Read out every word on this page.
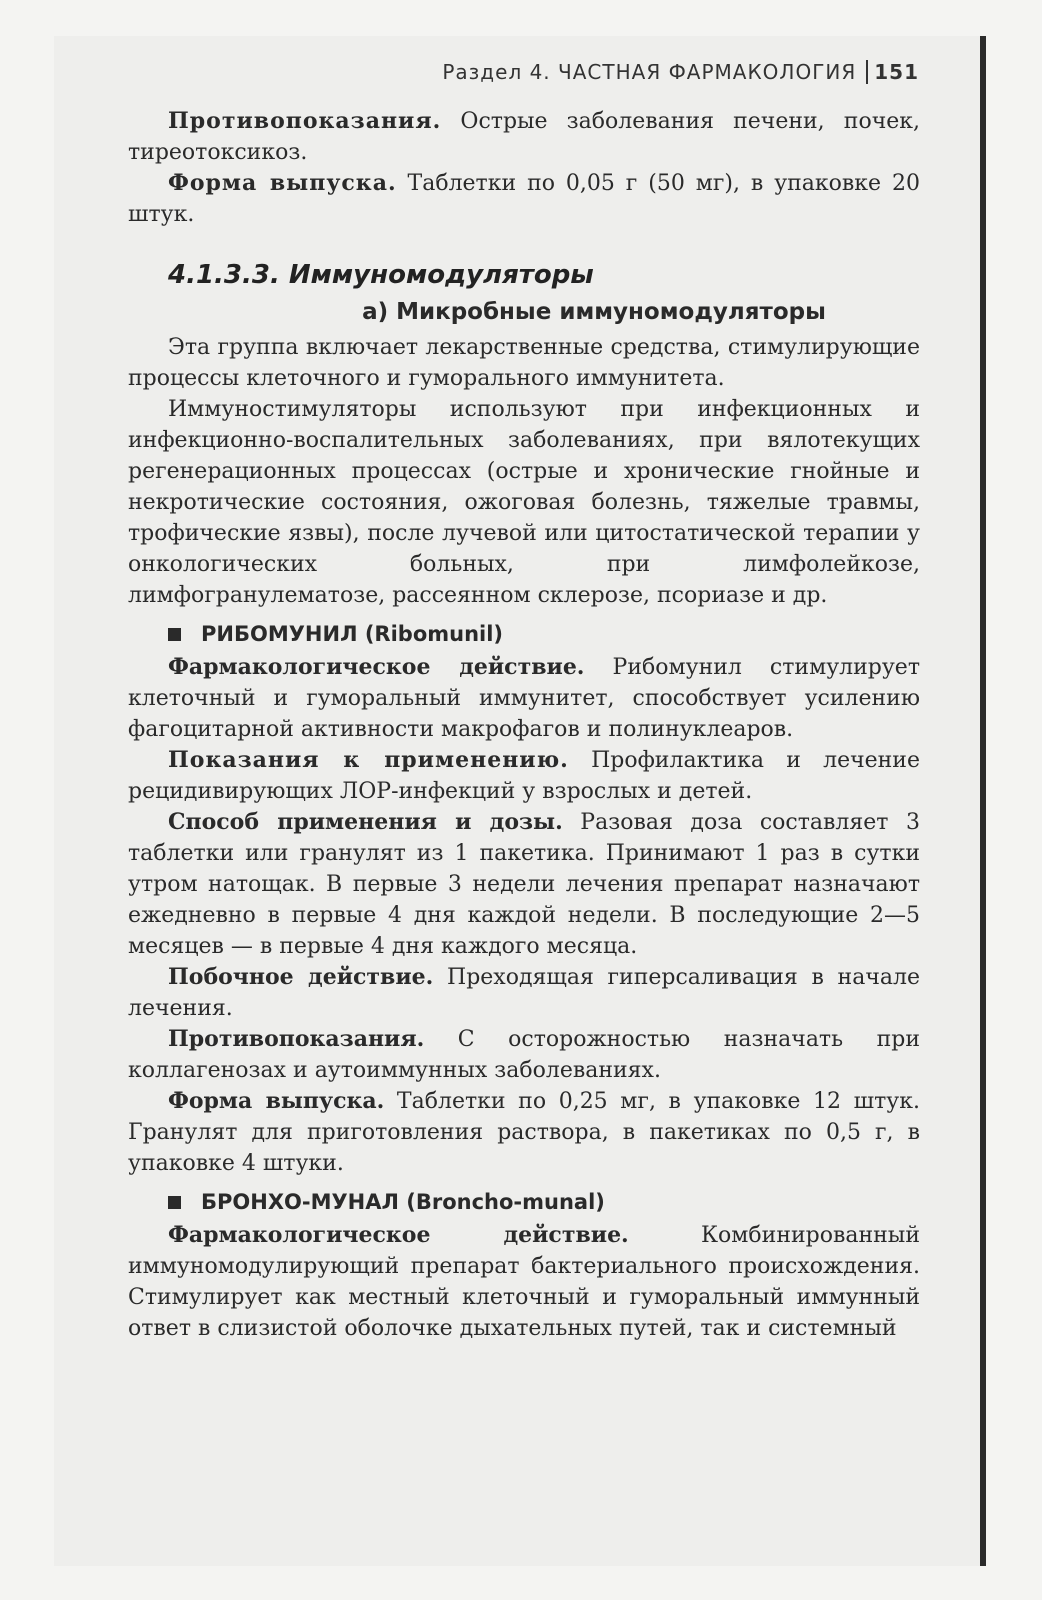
Раздел 4. ЧАСТНАЯ ФАРМАКОЛОГИЯ 151

Противопоказания. Острые заболевания печени, почек, тиреотоксикоз.

Форма выпуска. Таблетки по 0,05 г (50 мг), в упаковке 20 штук.

4.1.3.3. Иммуномодуляторы
а) Микробные иммуномодуляторы

Эта группа включает лекарственные средства, стимулирующие процессы клеточного и гуморального иммунитета.

Иммуностимуляторы используют при инфекционных и инфекционно-воспалительных заболеваниях, при вялотекущих регенерационных процессах (острые и хронические гнойные и некротические состояния, ожоговая болезнь, тяжелые травмы, трофические язвы), после лучевой или цитостатической терапии у онкологических больных, при лимфолейкозе, лимфогранулематозе, рассеянном склерозе, псориазе и др.

РИБОМУНИЛ (Ribomunil)

Фармакологическое действие. Рибомунил стимулирует клеточный и гуморальный иммунитет, способствует усилению фагоцитарной активности макрофагов и полинуклеаров.

Показания к применению. Профилактика и лечение рецидивирующих ЛОР-инфекций у взрослых и детей.

Способ применения и дозы. Разовая доза составляет 3 таблетки или гранулят из 1 пакетика. Принимают 1 раз в сутки утром натощак. В первые 3 недели лечения препарат назначают ежедневно в первые 4 дня каждой недели. В последующие 2—5 месяцев — в первые 4 дня каждого месяца.

Побочное действие. Преходящая гиперсаливация в начале лечения.

Противопоказания. С осторожностью назначать при коллагенозах и аутоиммунных заболеваниях.

Форма выпуска. Таблетки по 0,25 мг, в упаковке 12 штук. Гранулят для приготовления раствора, в пакетиках по 0,5 г, в упаковке 4 штуки.

БРОНХО-МУНАЛ (Broncho-munal)

Фармакологическое действие. Комбинированный иммуномодулирующий препарат бактериального происхождения. Стимулирует как местный клеточный и гуморальный иммунный ответ в слизистой оболочке дыхательных путей, так и системный
